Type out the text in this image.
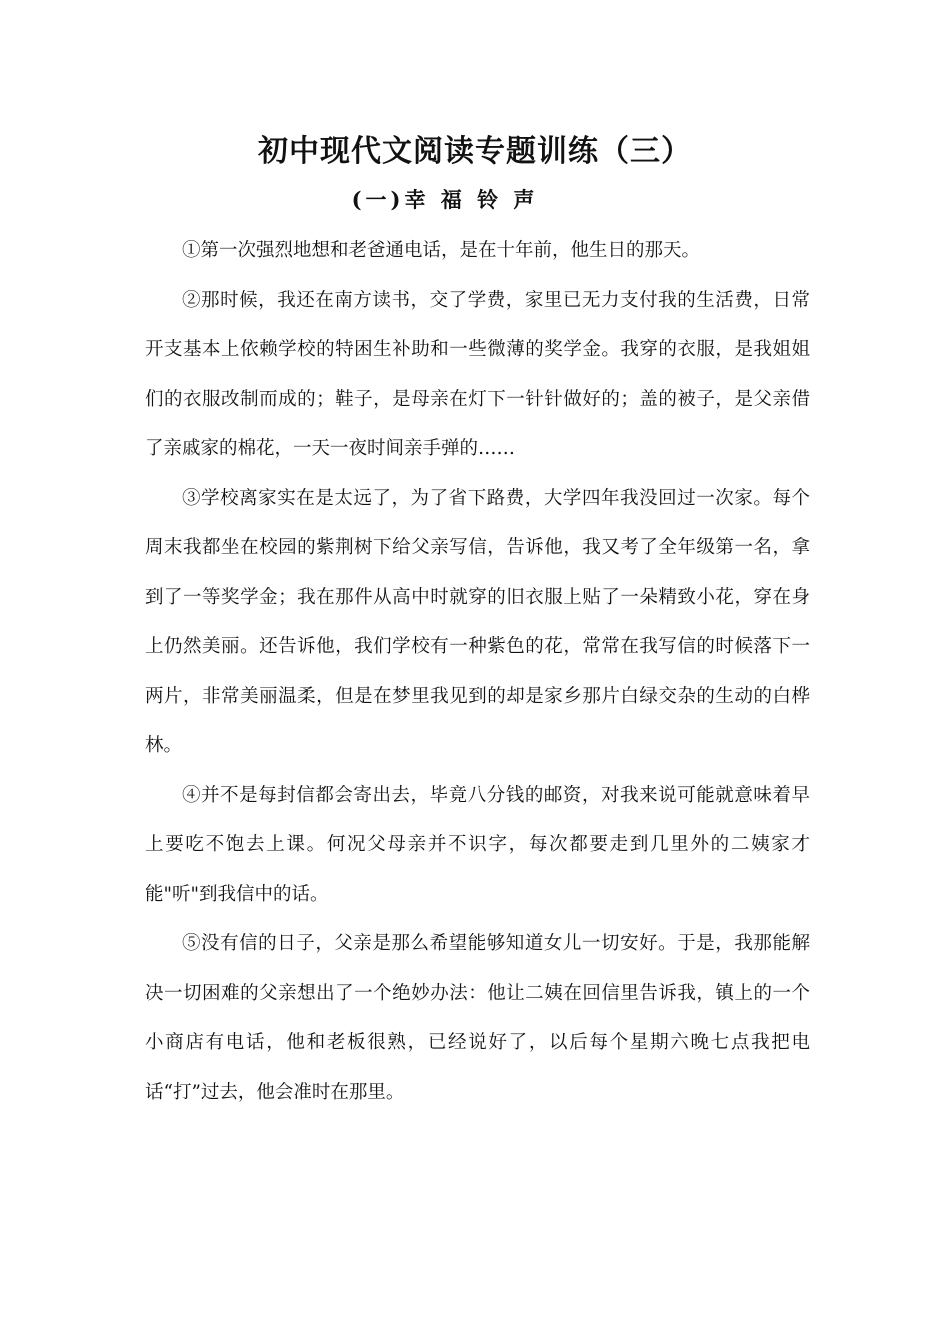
初中现代文阅读专题训练（三）
(一)幸 福 铃 声

①第一次强烈地想和老爸通电话，是在十年前，他生日的那天。

②那时候，我还在南方读书，交了学费，家里已无力支付我的生活费，日常开支基本上依赖学校的特困生补助和一些微薄的奖学金。我穿的衣服，是我姐姐们的衣服改制而成的；鞋子，是母亲在灯下一针针做好的；盖的被子，是父亲借了亲戚家的棉花，一天一夜时间亲手弹的……

③学校离家实在是太远了，为了省下路费，大学四年我没回过一次家。每个周末我都坐在校园的紫荆树下给父亲写信，告诉他，我又考了全年级第一名，拿到了一等奖学金；我在那件从高中时就穿的旧衣服上贴了一朵精致小花，穿在身上仍然美丽。还告诉他，我们学校有一种紫色的花，常常在我写信的时候落下一两片，非常美丽温柔，但是在梦里我见到的却是家乡那片白绿交杂的生动的白桦林。

④并不是每封信都会寄出去，毕竟八分钱的邮资，对我来说可能就意味着早上要吃不饱去上课。何况父母亲并不识字，每次都要走到几里外的二姨家才能"听"到我信中的话。

⑤没有信的日子，父亲是那么希望能够知道女儿一切安好。于是，我那能解决一切困难的父亲想出了一个绝妙办法：他让二姨在回信里告诉我，镇上的一个小商店有电话，他和老板很熟，已经说好了，以后每个星期六晚七点我把电话“打”过去，他会准时在那里。
